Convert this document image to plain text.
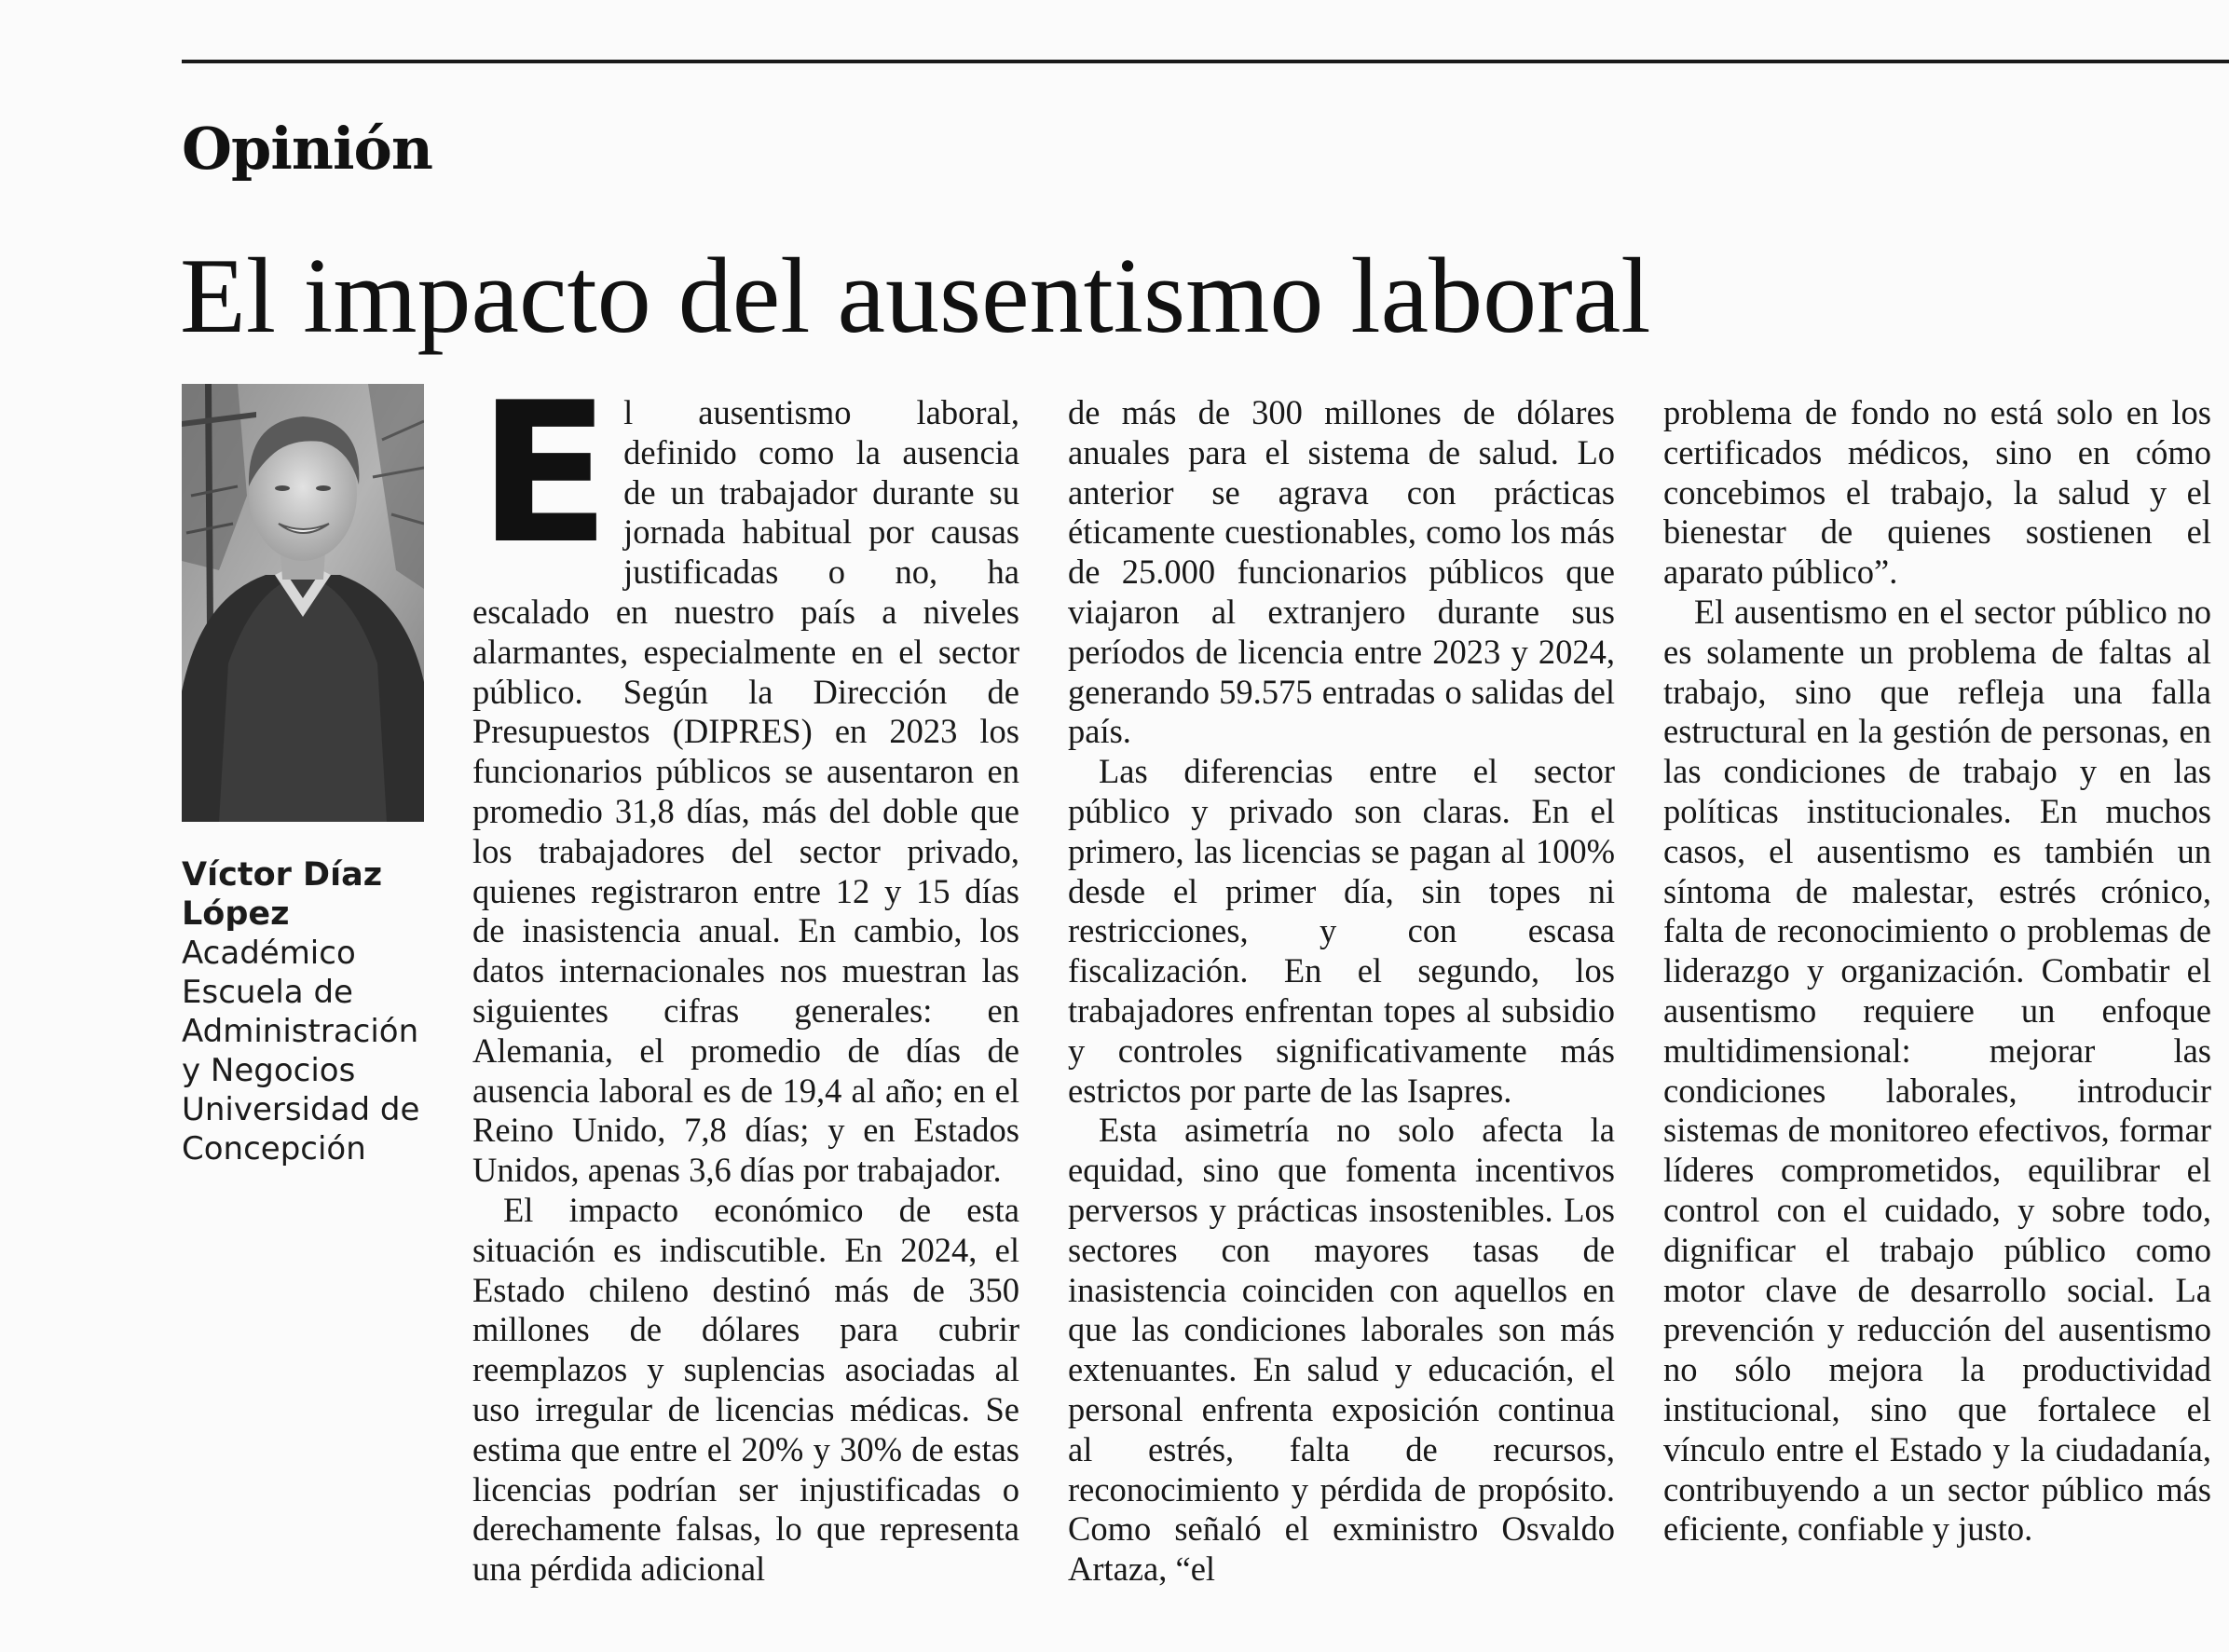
Opinión
El impacto del ausentismo laboral
Víctor Díaz
López
Académico
Escuela de
Administración
y Negocios
Universidad de
Concepción

El ausentismo laboral, definido como la ausencia de un trabajador durante su jornada habitual por causas justificadas o no, ha escalado en nuestro país a niveles alarmantes, especialmente en el sector público. Según la Dirección de Presupuestos (DIPRES) en 2023 los funcionarios públicos se ausentaron en promedio 31,8 días, más del doble que los trabajadores del sector privado, quienes registraron entre 12 y 15 días de inasistencia anual. En cambio, los datos internacionales nos muestran las siguientes cifras generales: en Alemania, el promedio de días de ausencia laboral es de 19,4 al año; en el Reino Unido, 7,8 días; y en Estados Unidos, apenas 3,6 días por trabajador.

El impacto económico de esta situación es indiscutible. En 2024, el Estado chileno destinó más de 350 millones de dólares para cubrir reemplazos y suplencias asociadas al uso irregular de licencias médicas. Se estima que entre el 20% y 30% de estas licencias podrían ser injustificadas o derechamente falsas, lo que representa una pérdida adicional

de más de 300 millones de dólares anuales para el sistema de salud. Lo anterior se agrava con prácticas éticamente cuestionables, como los más de 25.000 funcionarios públicos que viajaron al extranjero durante sus períodos de licencia entre 2023 y 2024, generando 59.575 entradas o salidas del país.

Las diferencias entre el sector público y privado son claras. En el primero, las licencias se pagan al 100% desde el primer día, sin topes ni restricciones, y con escasa fiscalización. En el segundo, los trabajadores enfrentan topes al subsidio y controles significativamente más estrictos por parte de las Isapres.

Esta asimetría no solo afecta la equidad, sino que fomenta incentivos perversos y prácticas insostenibles. Los sectores con mayores tasas de inasistencia coinciden con aquellos en que las condiciones laborales son más extenuantes. En salud y educación, el personal enfrenta exposición continua al estrés, falta de recursos, reconocimiento y pérdida de propósito. Como señaló el exministro Osvaldo Artaza, “el

problema de fondo no está solo en los certificados médicos, sino en cómo concebimos el trabajo, la salud y el bienestar de quienes sostienen el aparato público”.

El ausentismo en el sector público no es solamente un problema de faltas al trabajo, sino que refleja una falla estructural en la gestión de personas, en las condiciones de trabajo y en las políticas institucionales. En muchos casos, el ausentismo es también un síntoma de malestar, estrés crónico, falta de reconocimiento o problemas de liderazgo y organización. Combatir el ausentismo requiere un enfoque multidimensional: mejorar las condiciones laborales, introducir sistemas de monitoreo efectivos, formar líderes comprometidos, equilibrar el control con el cuidado, y sobre todo, dignificar el trabajo público como motor clave de desarrollo social. La prevención y reducción del ausentismo no sólo mejora la productividad institucional, sino que fortalece el vínculo entre el Estado y la ciudadanía, contribuyendo a un sector público más eficiente, confiable y justo.
